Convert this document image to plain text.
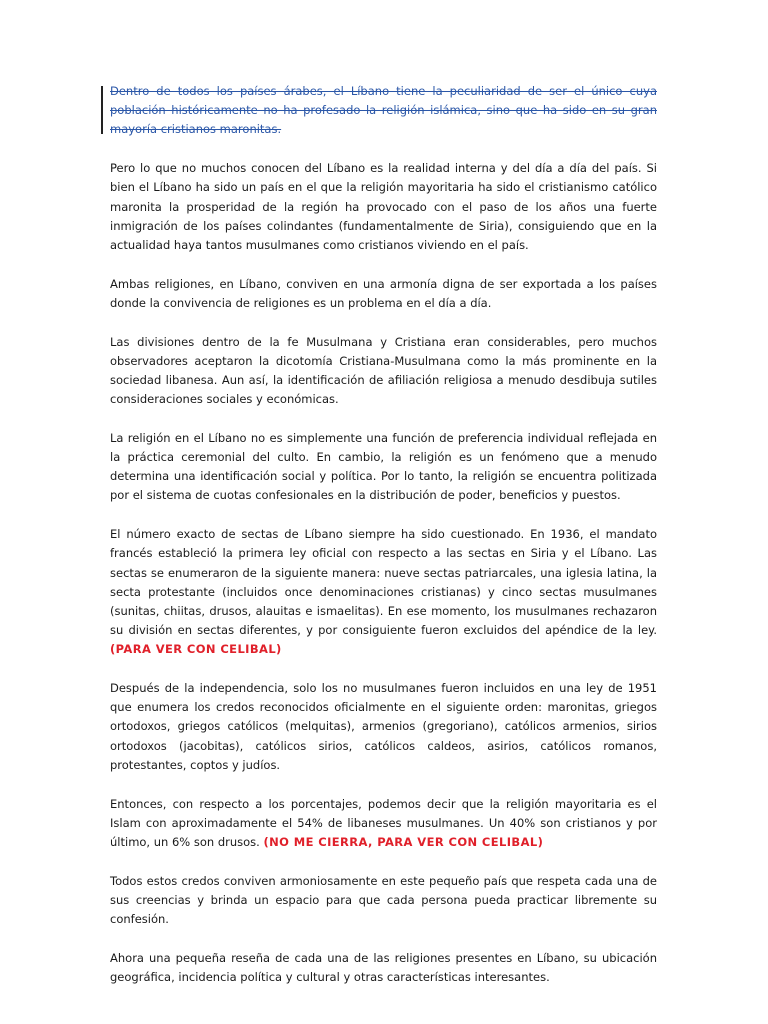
Dentro de todos los países árabes, el Líbano tiene la peculiaridad de ser el único cuya población históricamente no ha profesado la religión islámica, sino que ha sido en su gran mayoría cristianos maronitas.

Pero lo que no muchos conocen del Líbano es la realidad interna y del día a día del país. Si bien el Líbano ha sido un país en el que la religión mayoritaria ha sido el cristianismo católico maronita la prosperidad de la región ha provocado con el paso de los años una fuerte inmigración de los países colindantes (fundamentalmente de Siria), consiguiendo que en la actualidad haya tantos musulmanes como cristianos viviendo en el país.

Ambas religiones, en Líbano, conviven en una armonía digna de ser exportada a los países donde la convivencia de religiones es un problema en el día a día.

Las divisiones dentro de la fe Musulmana y Cristiana eran considerables, pero muchos observadores aceptaron la dicotomía Cristiana-Musulmana como la más prominente en la sociedad libanesa. Aun así, la identificación de afiliación religiosa a menudo desdibuja sutiles consideraciones sociales y económicas.

La religión en el Líbano no es simplemente una función de preferencia individual reflejada en la práctica ceremonial del culto. En cambio, la religión es un fenómeno que a menudo determina una identificación social y política. Por lo tanto, la religión se encuentra politizada por el sistema de cuotas confesionales en la distribución de poder, beneficios y puestos.

El número exacto de sectas de Líbano siempre ha sido cuestionado. En 1936, el mandato francés estableció la primera ley oficial con respecto a las sectas en Siria y el Líbano. Las sectas se enumeraron de la siguiente manera: nueve sectas patriarcales, una iglesia latina, la secta protestante (incluidos once denominaciones cristianas) y cinco sectas musulmanes (sunitas, chiitas, drusos, alauitas e ismaelitas). En ese momento, los musulmanes rechazaron su división en sectas diferentes, y por consiguiente fueron excluidos del apéndice de la ley. (PARA VER CON CELIBAL)

Después de la independencia, solo los no musulmanes fueron incluidos en una ley de 1951 que enumera los credos reconocidos oficialmente en el siguiente orden: maronitas, griegos ortodoxos, griegos católicos (melquitas), armenios (gregoriano), católicos armenios, sirios ortodoxos (jacobitas), católicos sirios, católicos caldeos, asirios, católicos romanos, protestantes, coptos y judíos.

Entonces, con respecto a los porcentajes, podemos decir que la religión mayoritaria es el Islam con aproximadamente el 54% de libaneses musulmanes. Un 40% son cristianos y por último, un 6% son drusos. (NO ME CIERRA, PARA VER CON CELIBAL)

Todos estos credos conviven armoniosamente en este pequeño país que respeta cada una de sus creencias y brinda un espacio para que cada persona pueda practicar libremente su confesión.

Ahora una pequeña reseña de cada una de las religiones presentes en Líbano, su ubicación geográfica, incidencia política y cultural y otras características interesantes.
